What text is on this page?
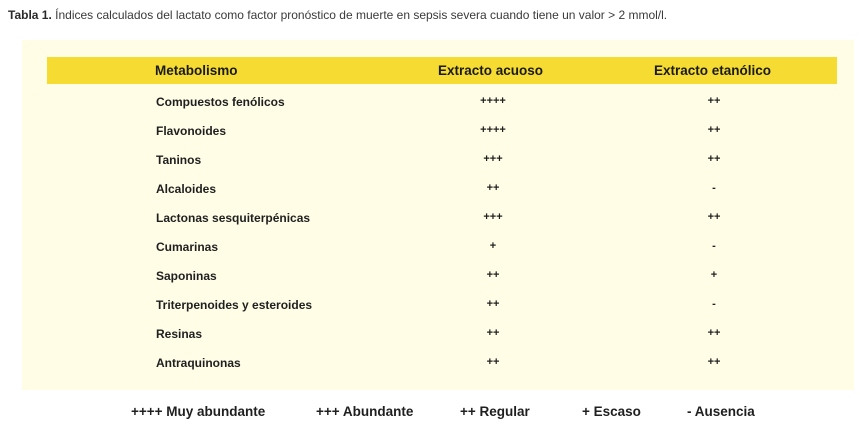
Tabla 1. Índices calculados del lactato como factor pronóstico de muerte en sepsis severa cuando tiene un valor > 2 mmol/l.
Metabolismo	Extracto acuoso	Extracto etanólico
Compuestos fenólicos	++++	++
Flavonoides	++++	++
Taninos	+++	++
Alcaloides	++	-
Lactonas sesquiterpénicas	+++	++
Cumarinas	+	-
Saponinas	++	+
Triterpenoides y esteroides	++	-
Resinas	++	++
Antraquinonas	++	++
++++ Muy abundante	+++ Abundante	++ Regular	+ Escaso	- Ausencia
